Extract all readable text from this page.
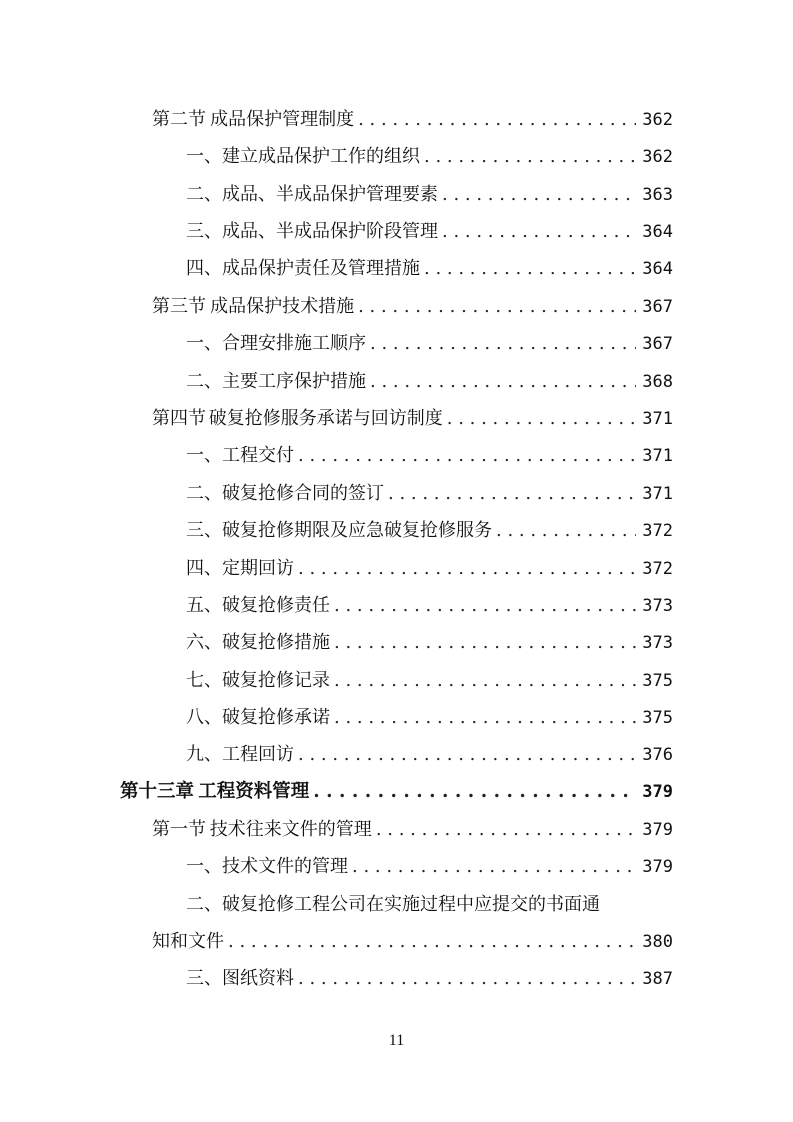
第二节 成品保护管理制度 . . .	362
一、 建立成品保护工作的组织 . . .	362
二、 成品、半成品保护管理要素 . . .	363
三、 成品、半成品保护阶段管理 . . .	364
四、 成品保护责任及管理措施 . . .	364
第三节 成品保护技术措施 . . .	367
一、 合理安排施工顺序 . . .	367
二、 主要工序保护措施 . . .	368
第四节 破复抢修服务承诺与回访制度 . . .	371
一、 工程交付 . . .	371
二、 破复抢修合同的签订 . . .	371
三、 破复抢修期限及应急破复抢修服务 . . .	372
四、 定期回访 . . .	372
五、 破复抢修责任 . . .	373
六、 破复抢修措施 . . .	373
七、 破复抢修记录 . . .	375
八、 破复抢修承诺 . . .	375
九、 工程回访 . . .	376
第十三章 工程资料管理 . . .	379
第一节 技术往来文件的管理 . . .	379
一、 技术文件的管理 . . .	379
二、 破复抢修工程公司在实施过程中应提交的书面通
知和文件 . . .	380
三、 图纸资料 . . .	387
11
